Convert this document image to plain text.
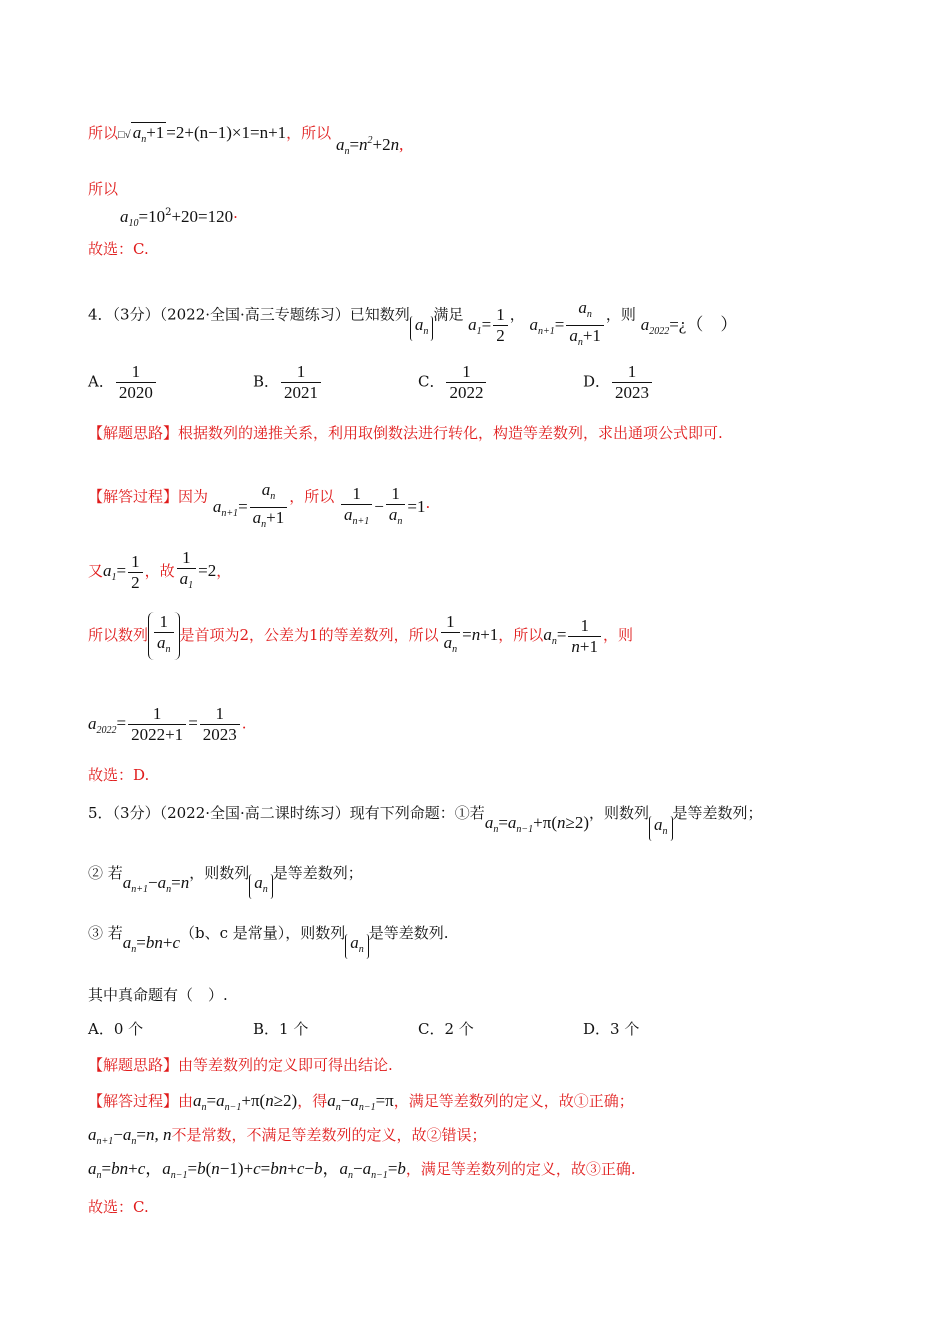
所以□√ $a_n+1 =2+(n-1)\times 1=n+1$，所以 $a_n=n^2+2n$,
所以
$a_{10}=10^2+20=120\cdot$
故选：C.
4．（3分）（2022·全国·高三专题练习）已知数列 $a_n$满足 $a_1= \frac{1}{2}$ ， $a_{n+1}= \frac{a_n}{a_n+1}$ ，则 $a_{2022}=¿$（　）
A． $\frac{1}{2020}$	B． $\frac{1}{2021}$	C． $\frac{1}{2022}$	D． $\frac{1}{2023}$
【解题思路】根据数列的递推关系，利用取倒数法进行转化，构造等差数列，求出通项公式即可.
【解答过程】因为 $a_{n+1}= \frac{a_n}{a_n+1}$ ，所以 $\frac{1}{a_{n+1}} - \frac{1}{a_n} =1\cdot$
又$a_1= \frac{1}{2}$ ，故 $\frac{1}{a_1} =2$，
所以数列 $\frac{1}{a_n}$ 是首项为2，公差为1的等差数列，所以 $\frac{1}{a_n} =n+1$，所以$a_n= \frac{1}{n+1}$ ，则
$a_{2022}= \frac{1}{2022+1} = \frac{1}{2023}$ .
故选：D.
5．（3分）（2022·全国·高二课时练习）现有下列命题：①若$a_n=a_{n-1}+\pi(n\ge 2)$，则数列$a_n$是等差数列；
② 若$a_{n+1}-a_n=n$，则数列 $a_n$是等差数列；
③ 若$a_n=bn+c(b$、c 是常量），则数列 $a_n$是等差数列.
其中真命题有（　）.
A．0 个	B．1 个	C．2 个	D．3 个
【解题思路】由等差数列的定义即可得出结论.
【解答过程】由$a_n=a_{n-1}+\pi(n\ge 2)$，得$a_n-a_{n-1}=\pi$，满足等差数列的定义，故①正确；
$a_{n+1}-a_n=n$, n不是常数，不满足等差数列的定义，故②错误；
$a_n=bn+c$，$a_{n-1}=b(n-1)+c=bn+c-b$，$a_n-a_{n-1}=b$，满足等差数列的定义，故③正确.
故选：C.
